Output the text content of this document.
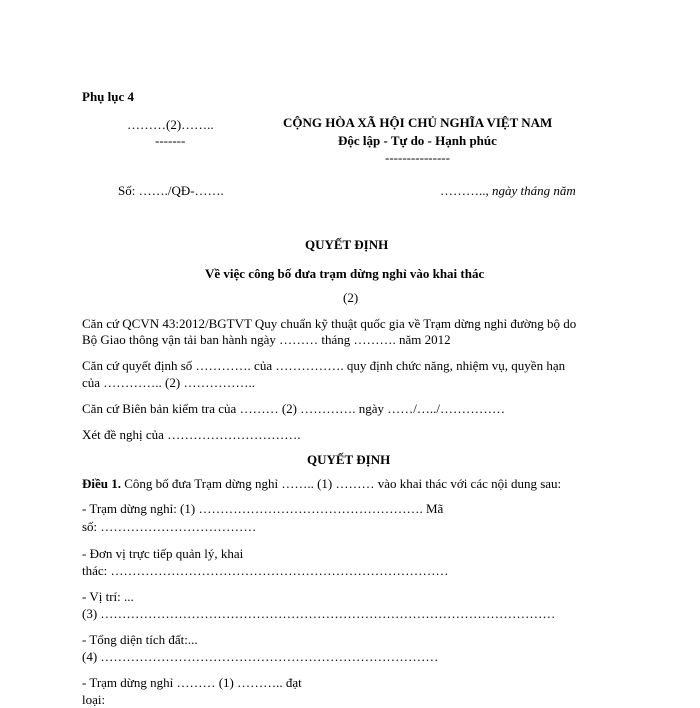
Phụ lục 4
………(2)……..
-------
CỘNG HÒA XÃ HỘI CHỦ NGHĨA VIỆT NAM
Độc lập - Tự do - Hạnh phúc
---------------
Số: ……./QĐ-…….	……….., ngày tháng năm
QUYẾT ĐỊNH
Về việc công bố đưa trạm dừng nghỉ vào khai thác
(2)
Căn cứ QCVN 43:2012/BGTVT Quy chuẩn kỹ thuật quốc gia về Trạm dừng nghỉ đường bộ do
Bộ Giao thông vận tải ban hành ngày ……… tháng ………. năm 2012
Căn cứ quyết định số …………. của ……………. quy định chức năng, nhiệm vụ, quyền hạn
của ………….. (2) ……………..
Căn cứ Biên bản kiểm tra của ……… (2) …………. ngày ……/…../……………
Xét đề nghị của ………………………….
QUYẾT ĐỊNH
Điều 1. Công bố đưa Trạm dừng nghỉ …….. (1) ……… vào khai thác với các nội dung sau:
- Trạm dừng nghỉ: (1) ……………………………………………. Mã
số: ………………………………
- Đơn vị trực tiếp quản lý, khai
thác: ……………………………………………………………………
- Vị trí: ...
(3) ……………………………………………………………………………………………
- Tổng diện tích đất:...
(4) ……………………………………………………………………
- Trạm dừng nghỉ ……… (1) ……….. đạt
loại:
